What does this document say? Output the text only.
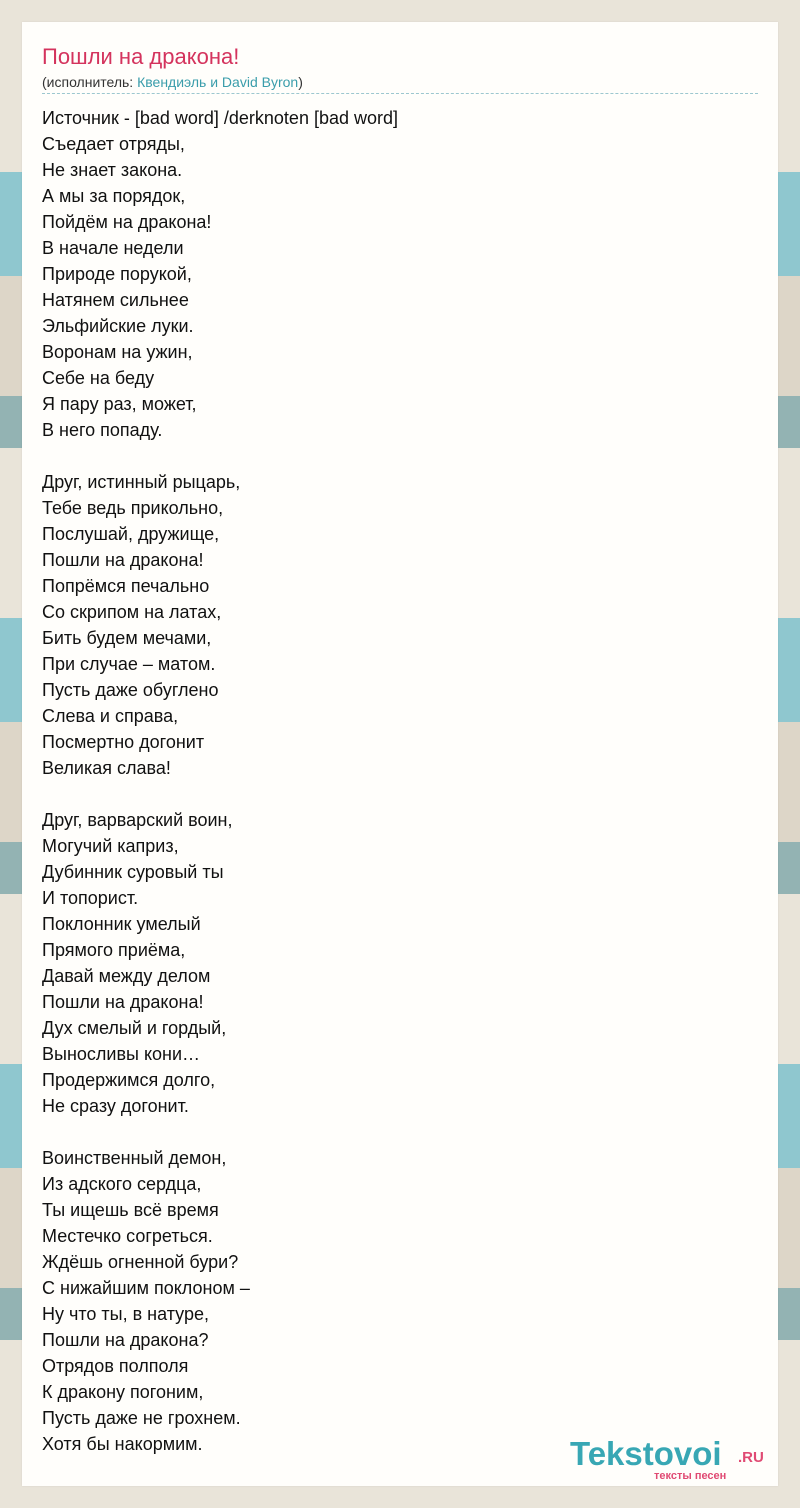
Пошли на дракона!
(исполнитель: Квендиэль и David Byron)
Источник - [bad word] /derknoten [bad word]
Съедает отряды,
Не знает закона.
А мы за порядок,
Пойдём на дракона!
В начале недели
Природе порукой,
Натянем сильнее
Эльфийские луки.
Воронам на ужин,
Себе на беду
Я пару раз, может,
В него попаду.
Друг, истинный рыцарь,
Тебе ведь прикольно,
Послушай, дружище,
Пошли на дракона!
Попрёмся печально
Со скрипом на латах,
Бить будем мечами,
При случае – матом.
Пусть даже обуглено
Слева и справа,
Посмертно догонит
Великая слава!
Друг, варварский воин,
Могучий каприз,
Дубинник суровый ты
И топорист.
Поклонник умелый
Прямого приёма,
Давай между делом
Пошли на дракона!
Дух смелый и гордый,
Выносливы кони…
Продержимся долго,
Не сразу догонит.
Воинственный демон,
Из адского сердца,
Ты ищешь всё время
Местечко согреться.
Ждёшь огненной бури?
С нижайшим поклоном –
Ну что ты, в натуре,
Пошли на дракона?
Отрядов полполя
К дракону погоним,
Пусть даже не грохнем.
Хотя бы накормим.	Tekstovoi .RU
тексты песен
